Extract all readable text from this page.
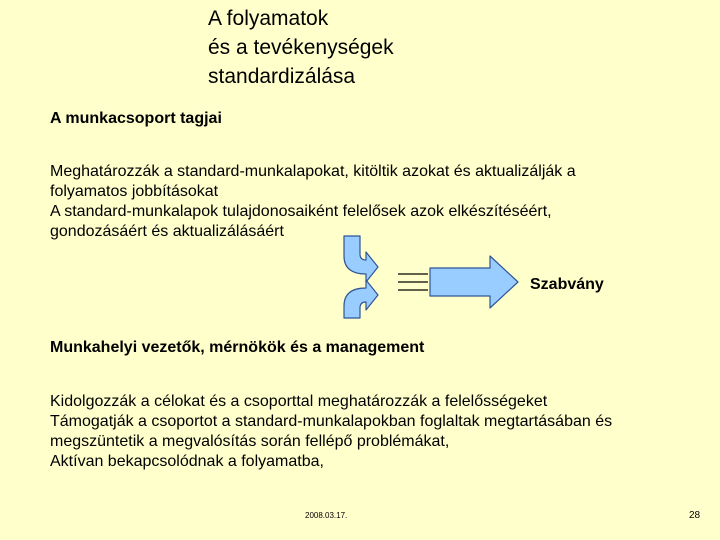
A folyamatok
és a tevékenységek
standardizálása
A munkacsoport tagjai
Meghatározzák a standard-munkalapokat, kitöltik azokat és aktualizálják a
folyamatos jobbításokat
A standard-munkalapok tulajdonosaiként felelősek azok elkészítéséért,
gondozásáért és aktualizálásáért
Szabvány
Munkahelyi vezetők, mérnökök és a management
Kidolgozzák a célokat és a csoporttal meghatározzák a felelősségeket
Támogatják a csoportot a standard-munkalapokban foglaltak megtartásában és
megszüntetik a megvalósítás során fellépő problémákat,
Aktívan bekapcsolódnak a folyamatba,
2008.03.17.	28
